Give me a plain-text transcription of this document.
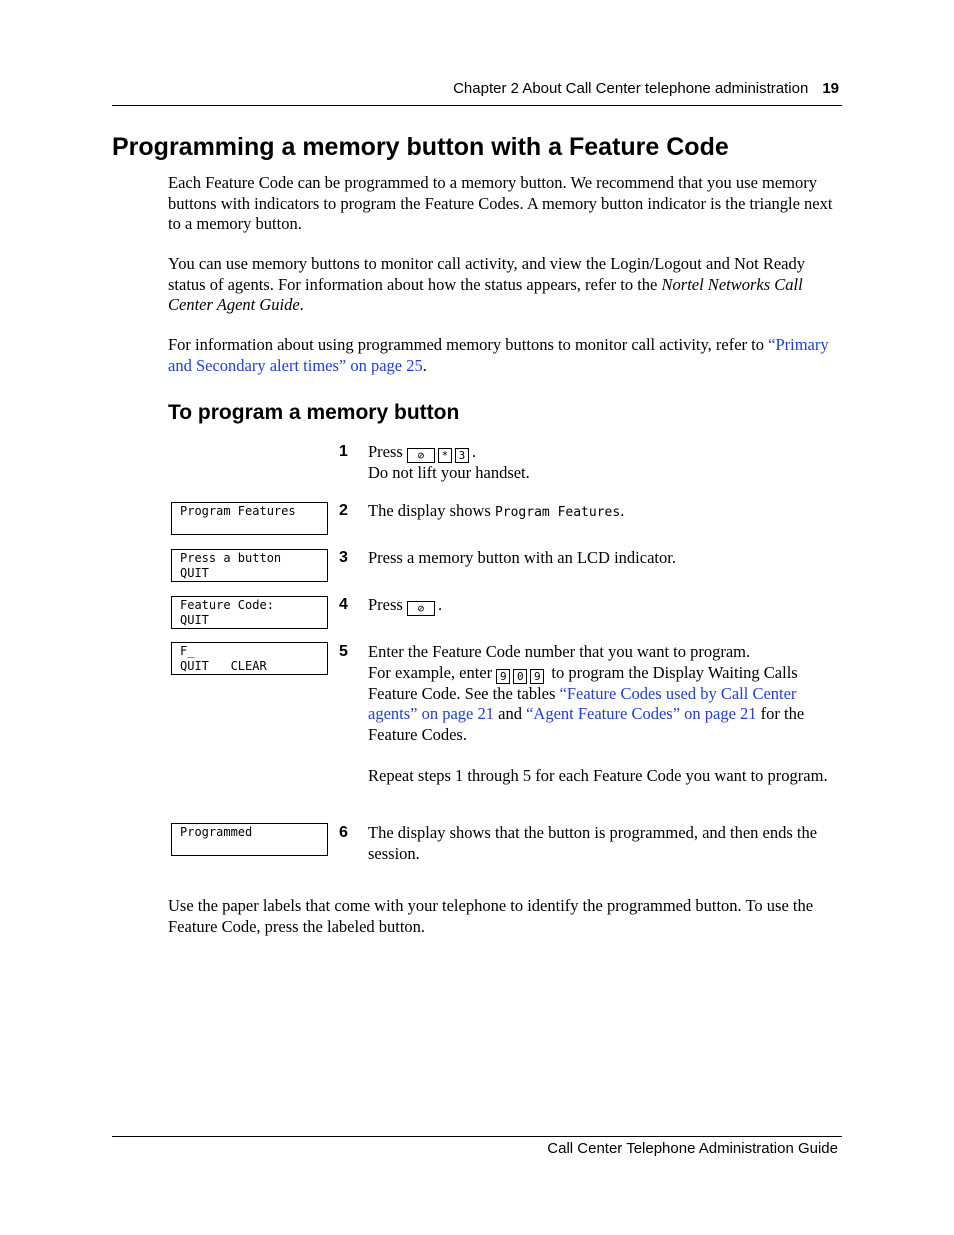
Chapter 2 About Call Center telephone administration 19
Programming a memory button with a Feature Code

Each Feature Code can be programmed to a memory button. We recommend that you use memory buttons with indicators to program the Feature Codes. A memory button indicator is the triangle next to a memory button.

You can use memory buttons to monitor call activity, and view the Login/Logout and Not Ready status of agents. For information about how the status appears, refer to the Nortel Networks Call Center Agent Guide.

For information about using programmed memory buttons to monitor call activity, refer to “Primary and Secondary alert times” on page 25.

To program a memory button
1	Press ⊘ * 3 .
Do not lift your handset.
Program Features	2	The display shows Program Features.
Press a button
QUIT
3	Press a memory button with an LCD indicator.
Feature Code:
QUIT
4	Press ⊘ .
F_
QUIT   CLEAR
5	Enter the Feature Code number that you want to program.
For example, enter 9 0 9 to program the Display Waiting Calls Feature Code. See the tables “Feature Codes used by Call Center agents” on page 21 and “Agent Feature Codes” on page 21 for the Feature Codes.
Repeat steps 1 through 5 for each Feature Code you want to program.
Programmed	6	The display shows that the button is programmed, and then ends the session.

Use the paper labels that come with your telephone to identify the programmed button. To use the Feature Code, press the labeled button.

Call Center Telephone Administration Guide
